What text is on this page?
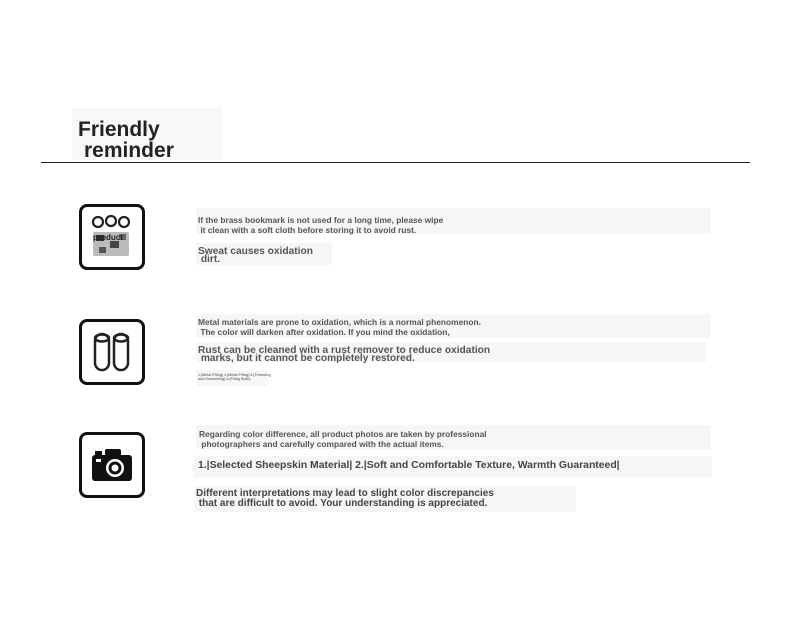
Friendly
reminder
product
If the brass bookmark is not used for a long time, please wipe
it clean with a soft cloth before storing it to avoid rust.
Sweat causes oxidation
dirt.
Metal materials are prone to oxidation, which is a normal phenomenon.
The color will darken after oxidation. If you mind the oxidation,
Rust can be cleaned with a rust remover to reduce oxidation
marks, but it cannot be completely restored.
1.(Metal Filing) 2.(Metal Filing) 3.(Trimming
and Smoothing) 4.(Filing Both)
Regarding color difference, all product photos are taken by professional
photographers and carefully compared with the actual items.
1.|Selected Sheepskin Material| 2.|Soft and Comfortable Texture, Warmth Guaranteed|
Different interpretations may lead to slight color discrepancies
that are difficult to avoid. Your understanding is appreciated.
